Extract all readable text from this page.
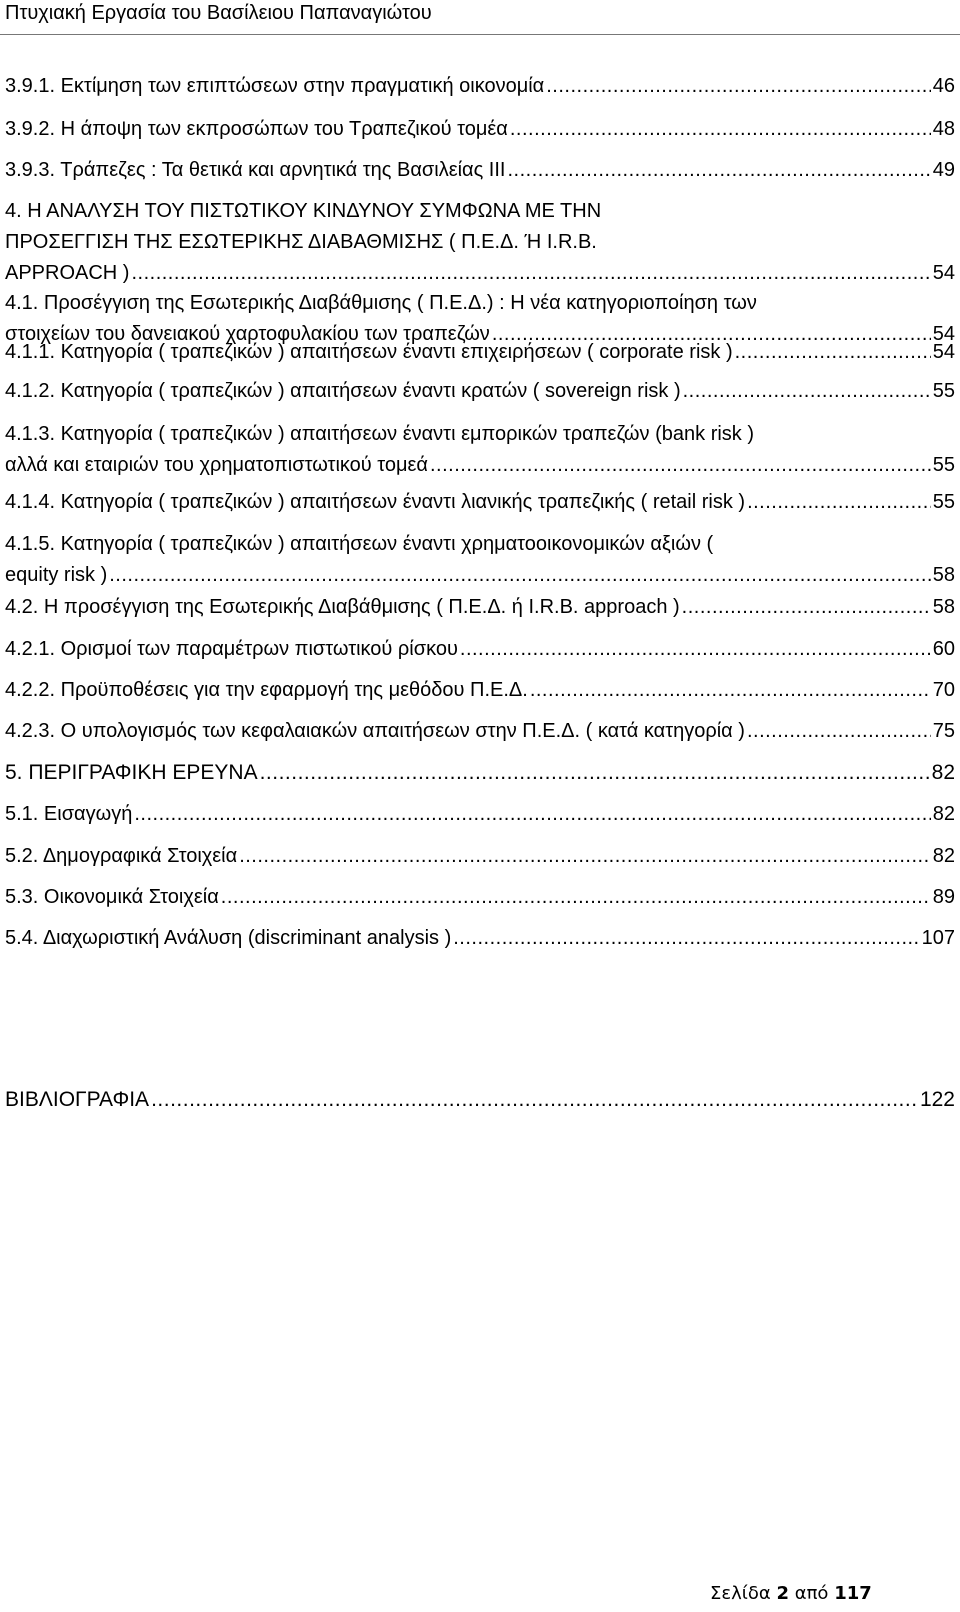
Πτυχιακή Εργασία του Βασίλειου Παπαναγιώτου
3.9.1. Εκτίμηση των επιπτώσεων στην πραγματική οικονομία .....	46
3.9.2. Η άποψη των εκπροσώπων του Τραπεζικού τομέα .....	48
3.9.3. Τράπεζες : Τα θετικά και αρνητικά της Βασιλείας ΙΙΙ .....	49
4. Η ΑΝΑΛΥΣΗ ΤΟΥ ΠΙΣΤΩΤΙΚΟΥ ΚΙΝΔΥΝΟΥ ΣΥΜΦΩΝΑ ΜΕ ΤΗΝ
ΠΡΟΣΕΓΓΙΣΗ ΤΗΣ ΕΣΩΤΕΡΙΚΗΣ ΔΙΑΒΑΘΜΙΣΗΣ ( Π.Ε.Δ. Ή I.R.B.
APPROACH ) .....	54
4.1. Προσέγγιση της Εσωτερικής Διαβάθμισης ( Π.Ε.Δ.) : Η νέα κατηγοριοποίηση των
στοιχείων του δανειακού χαρτοφυλακίου των τραπεζών .....	54
4.1.1. Κατηγορία ( τραπεζικών ) απαιτήσεων έναντι επιχειρήσεων ( corporate risk ) .....	54
4.1.2. Κατηγορία ( τραπεζικών ) απαιτήσεων έναντι κρατών ( sovereign risk ) .....	55
4.1.3. Κατηγορία ( τραπεζικών ) απαιτήσεων έναντι εμπορικών τραπεζών (bank risk )
αλλά και εταιριών του χρηματοπιστωτικού τομεά .....	55
4.1.4. Κατηγορία ( τραπεζικών ) απαιτήσεων έναντι λιανικής τραπεζικής ( retail risk ) .....	55
4.1.5. Κατηγορία ( τραπεζικών ) απαιτήσεων έναντι χρηματοοικονομικών αξιών (
equity risk ) .....	58
4.2. Η προσέγγιση της Εσωτερικής Διαβάθμισης ( Π.Ε.Δ. ή I.R.B. approach ) .....	58
4.2.1. Ορισμοί των παραμέτρων πιστωτικού ρίσκου .....	60
4.2.2. Προϋποθέσεις για την εφαρμογή της μεθόδου Π.Ε.Δ. .....	70
4.2.3. Ο υπολογισμός των κεφαλαιακών απαιτήσεων στην Π.Ε.Δ. ( κατά κατηγορία ) .....	75
5. ΠΕΡΙΓΡΑΦΙΚΗ ΕΡΕΥΝΑ .....	82
5.1. Εισαγωγή .....	82
5.2. Δημογραφικά Στοιχεία .....	82
5.3. Οικονομικά Στοιχεία .....	89
5.4. Διαχωριστική Ανάλυση (discriminant analysis ) .....	107
ΒΙΒΛΙΟΓΡΑΦΙΑ .....	122
Σελίδα 2 από 117
